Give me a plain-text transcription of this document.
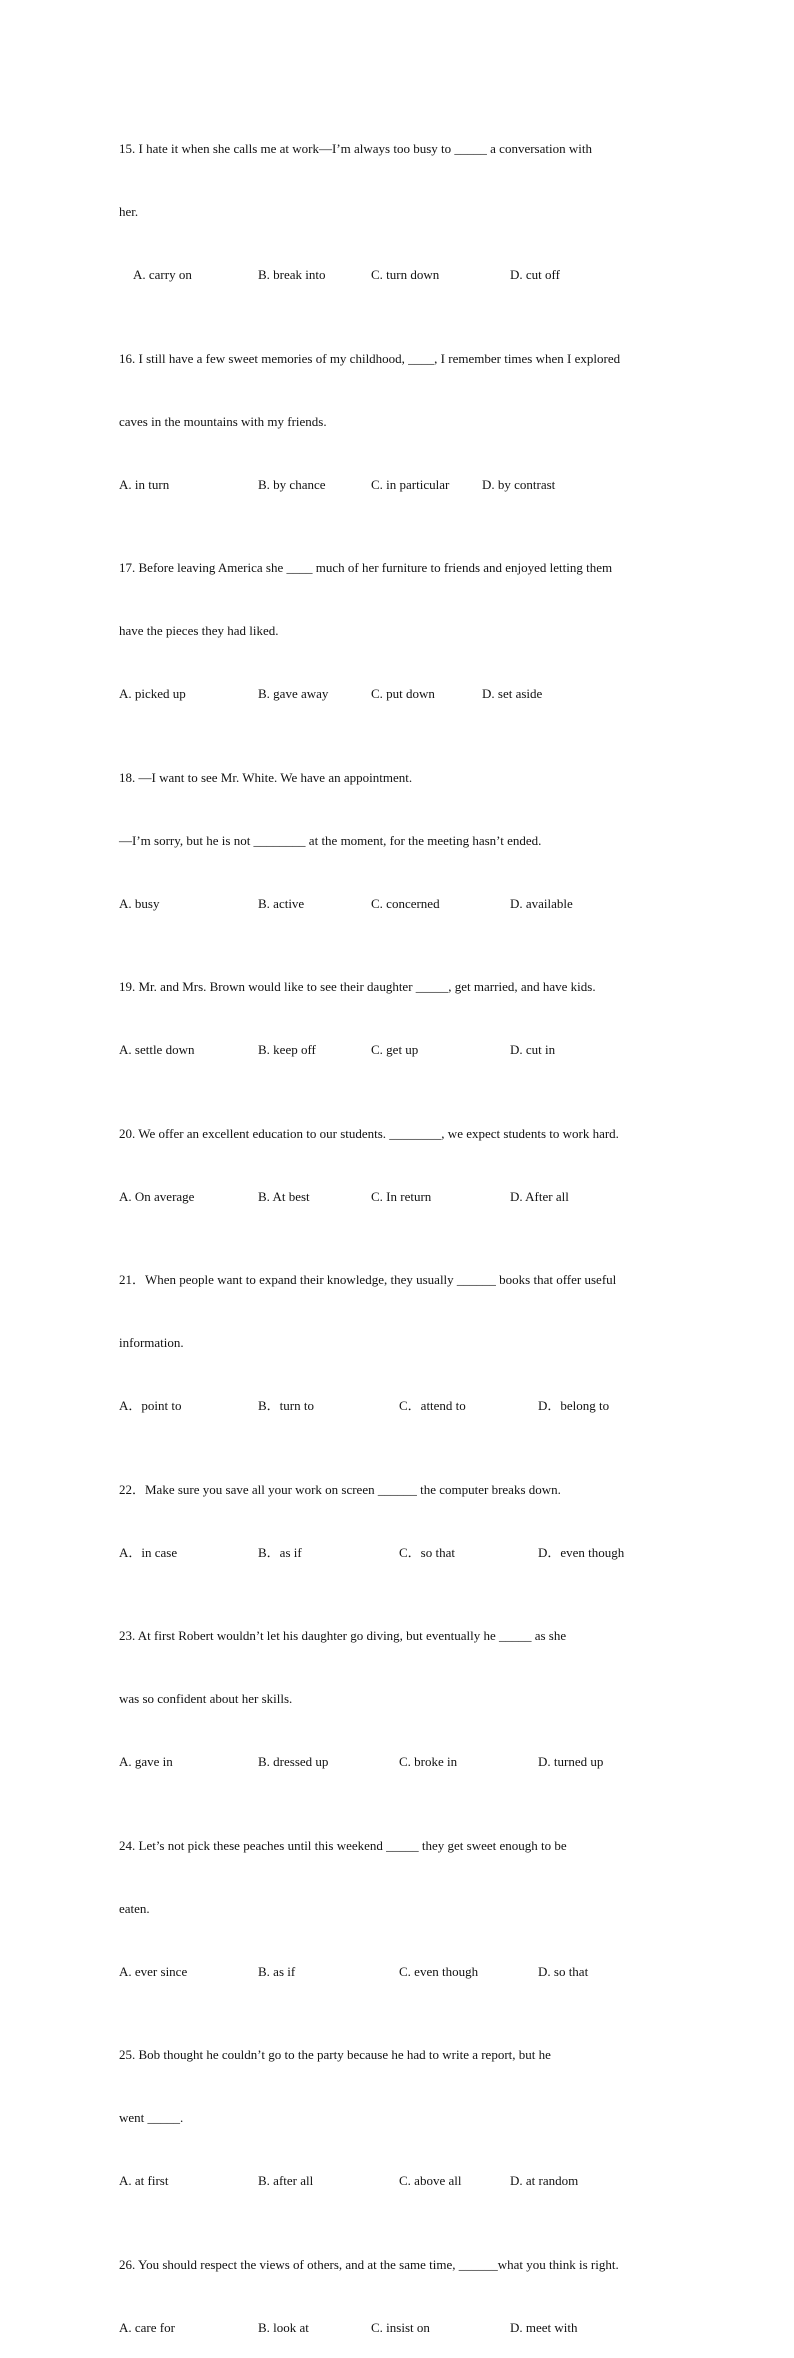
15. I hate it when she calls me at work—I’m always too busy to _____ a conversation with

her.

A. carry on	B. break into	C. turn down	D. cut off

16. I still have a few sweet memories of my childhood, ____, I remember times when I explored

caves in the mountains with my friends.

A. in turn	B. by chance	C. in particular	D. by contrast

17. Before leaving America she ____ much of her furniture to friends and enjoyed letting them

have the pieces they had liked.

A. picked up	B. gave away	C. put down	D. set aside

18. —I want to see Mr. White. We have an appointment.

—I’m sorry, but he is not ________ at the moment, for the meeting hasn’t ended.

A. busy	B. active	C. concerned	D. available

19. Mr. and Mrs. Brown would like to see their daughter _____, get married, and have kids.

A. settle down	B. keep off	C. get up	D. cut in

20. We offer an excellent education to our students. ________, we expect students to work hard.

A. On average	B. At best	C. In return	D. After all

21．When people want to expand their knowledge, they usually ______ books that offer useful

information.

A．point to	B．turn to	C．attend to	D．belong to

22．Make sure you save all your work on screen ______ the computer breaks down.

A．in case	B．as if	C．so that	D．even though

23. At first Robert wouldn’t let his daughter go diving, but eventually he _____ as she

was so confident about her skills.

A. gave in	B. dressed up	C. broke in	D. turned up

24. Let’s not pick these peaches until this weekend _____ they get sweet enough to be

eaten.

A. ever since	B. as if	C. even though	D. so that

25. Bob thought he couldn’t go to the party because he had to write a report, but he

went _____.

A. at first	B. after all	C. above all	D. at random

26. You should respect the views of others, and at the same time, ______what you think is right.

A. care for	B. look at	C. insist on	D. meet with
